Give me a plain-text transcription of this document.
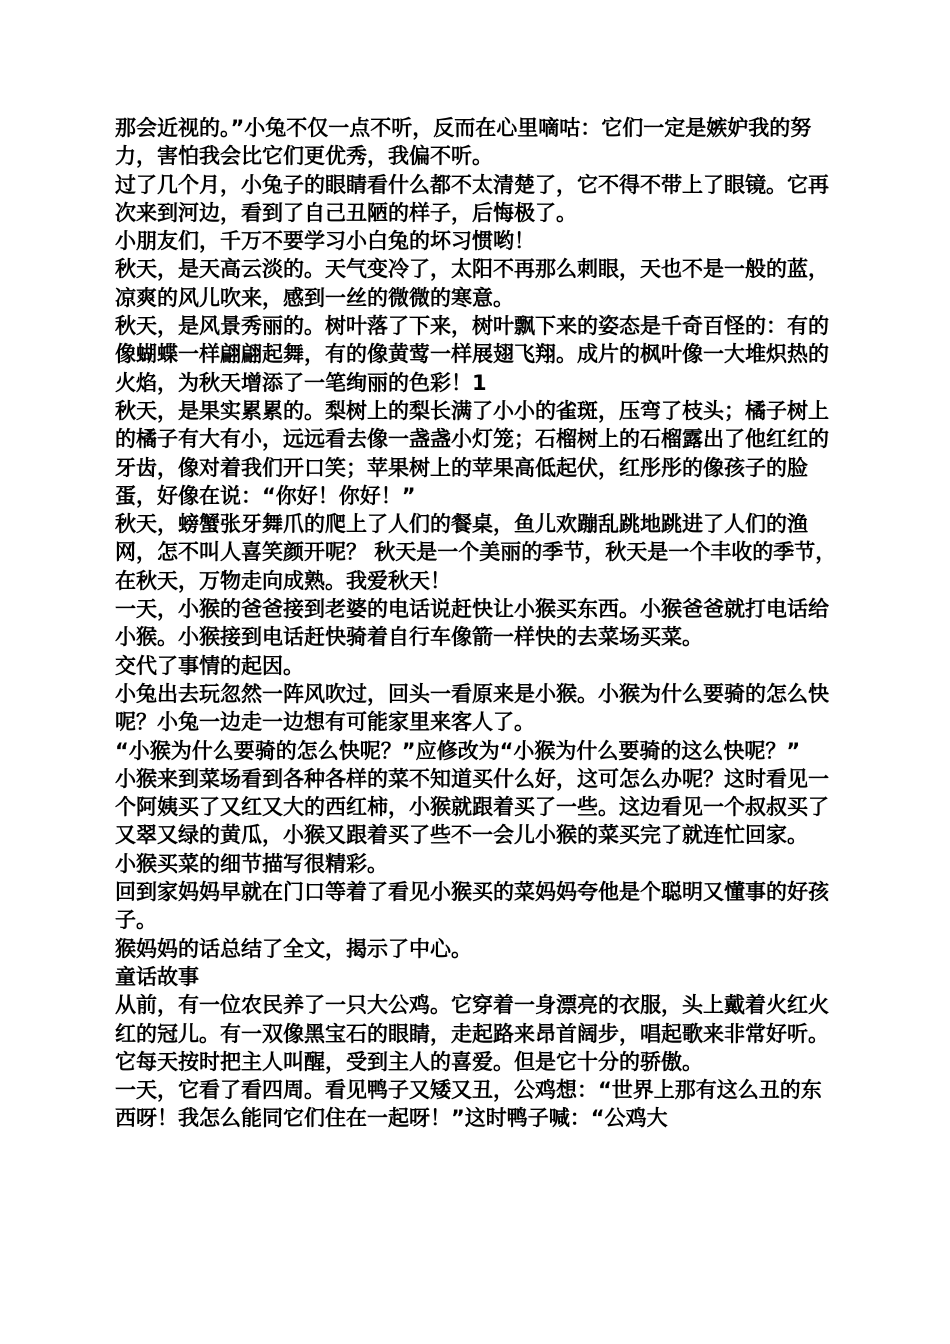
那会近视的。”小兔不仅一点不听，反而在心里嘀咕：它们一定是嫉妒我的努力，害怕我会比它们更优秀，我偏不听。

过了几个月，小兔子的眼睛看什么都不太清楚了，它不得不带上了眼镜。它再次来到河边，看到了自己丑陋的样子，后悔极了。

小朋友们，千万不要学习小白兔的坏习惯哟！

秋天，是天高云淡的。天气变冷了，太阳不再那么刺眼，天也不是一般的蓝，凉爽的风儿吹来，感到一丝的微微的寒意。

秋天，是风景秀丽的。树叶落了下来，树叶飘下来的姿态是千奇百怪的：有的像蝴蝶一样翩翩起舞，有的像黄莺一样展翅飞翔。成片的枫叶像一大堆炽热的火焰，为秋天增添了一笔绚丽的色彩！1

秋天，是果实累累的。梨树上的梨长满了小小的雀斑，压弯了枝头；橘子树上的橘子有大有小，远远看去像一盏盏小灯笼；石榴树上的石榴露出了他红红的牙齿，像对着我们开口笑；苹果树上的苹果高低起伏，红彤彤的像孩子的脸蛋，好像在说：“你好！你好！”

秋天，螃蟹张牙舞爪的爬上了人们的餐桌，鱼儿欢蹦乱跳地跳进了人们的渔网，怎不叫人喜笑颜开呢？ 秋天是一个美丽的季节，秋天是一个丰收的季节，在秋天，万物走向成熟。我爱秋天！

一天，小猴的爸爸接到老婆的电话说赶快让小猴买东西。小猴爸爸就打电话给小猴。小猴接到电话赶快骑着自行车像箭一样快的去菜场买菜。

交代了事情的起因。

小兔出去玩忽然一阵风吹过，回头一看原来是小猴。小猴为什么要骑的怎么快呢？小兔一边走一边想有可能家里来客人了。

“小猴为什么要骑的怎么快呢？”应修改为“小猴为什么要骑的这么快呢？”

小猴来到菜场看到各种各样的菜不知道买什么好，这可怎么办呢？这时看见一个阿姨买了又红又大的西红柿，小猴就跟着买了一些。这边看见一个叔叔买了又翠又绿的黄瓜，小猴又跟着买了些不一会儿小猴的菜买完了就连忙回家。

小猴买菜的细节描写很精彩。

回到家妈妈早就在门口等着了看见小猴买的菜妈妈夸他是个聪明又懂事的好孩子。

猴妈妈的话总结了全文，揭示了中心。

童话故事

从前，有一位农民养了一只大公鸡。它穿着一身漂亮的衣服，头上戴着火红火红的冠儿。有一双像黑宝石的眼睛，走起路来昂首阔步，唱起歌来非常好听。它每天按时把主人叫醒，受到主人的喜爱。但是它十分的骄傲。

一天，它看了看四周。看见鸭子又矮又丑，公鸡想：“世界上那有这么丑的东西呀！我怎么能同它们住在一起呀！”这时鸭子喊：“公鸡大
